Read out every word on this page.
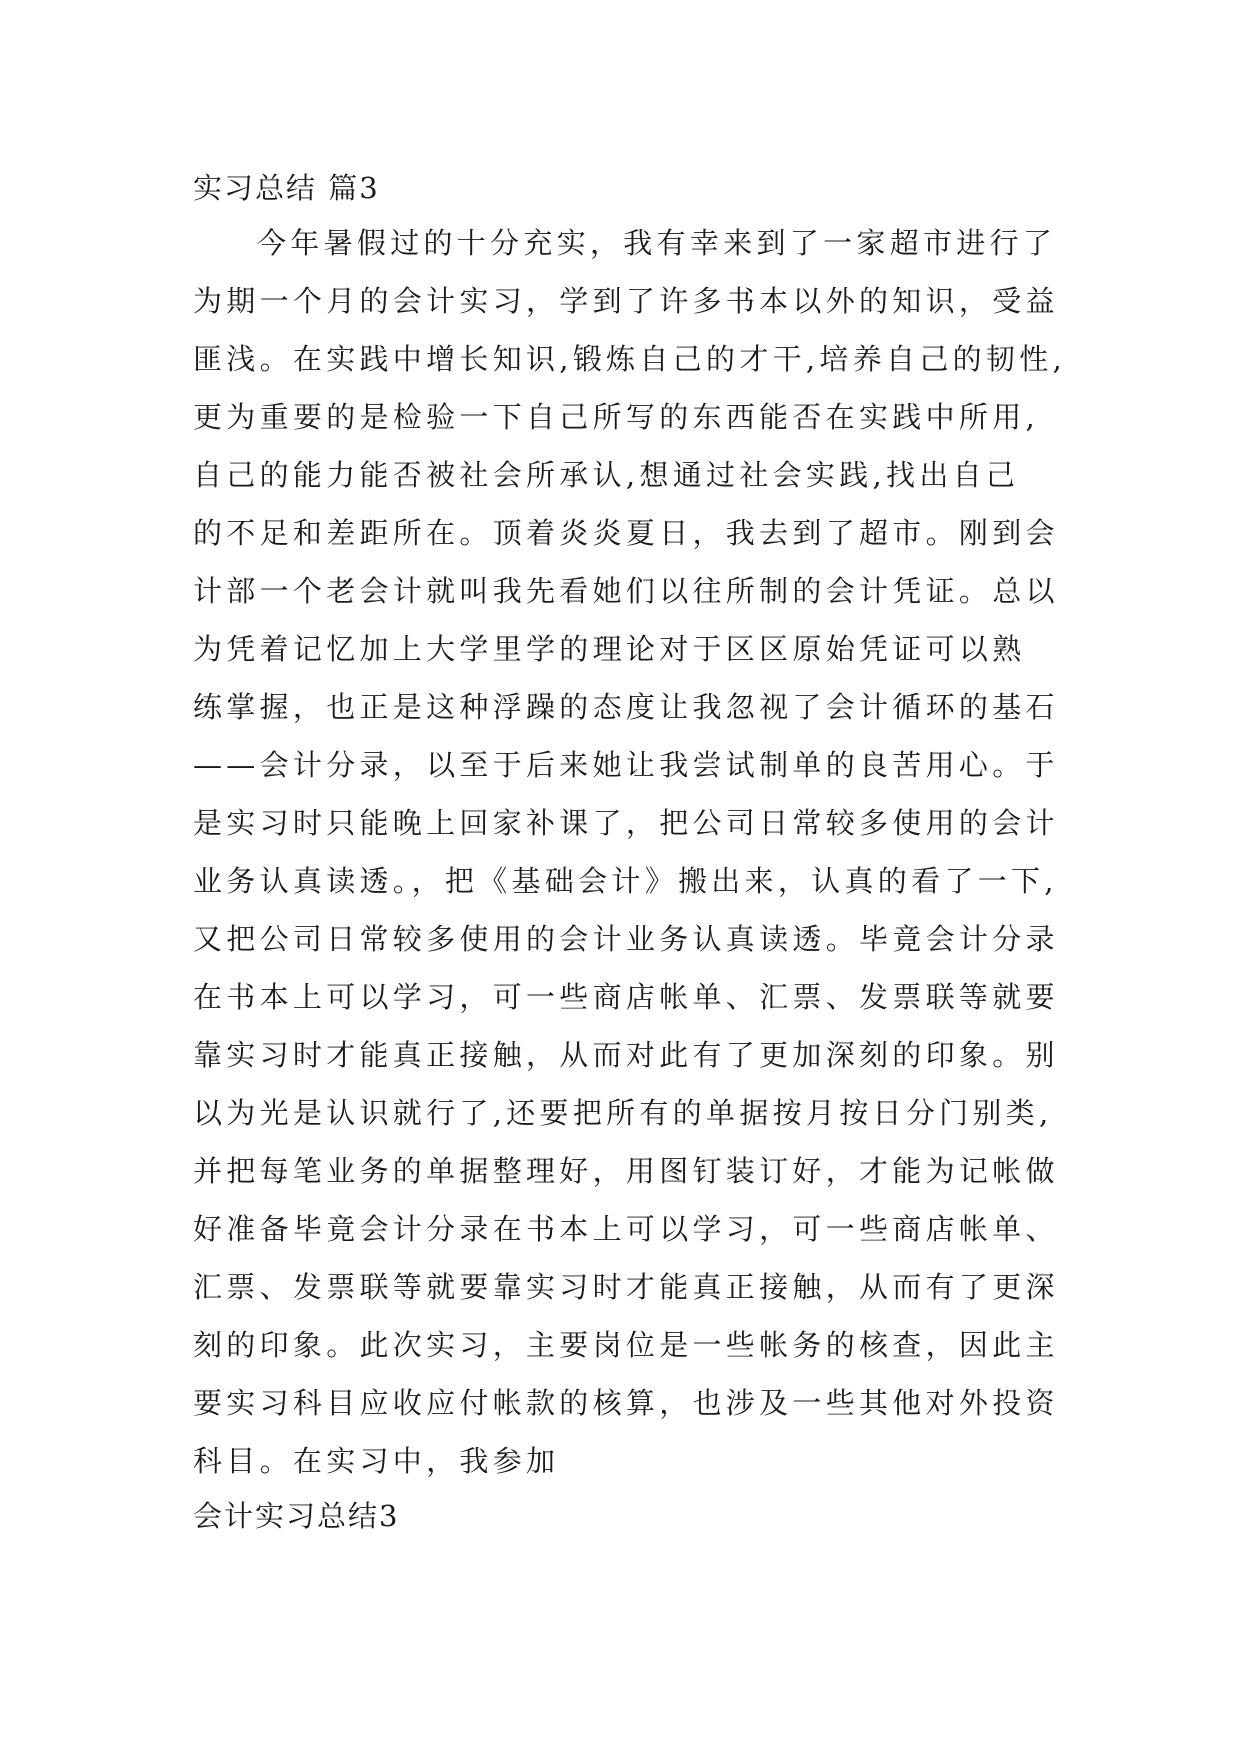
实习总结 篇3
今年暑假过的十分充实，我有幸来到了一家超市进行了
为期一个月的会计实习，学到了许多书本以外的知识，受益
匪浅。在实践中增长知识,锻炼自己的才干,培养自己的韧性,
更为重要的是检验一下自己所写的东西能否在实践中所用,
自己的能力能否被社会所承认,想通过社会实践,找出自己
的不足和差距所在。顶着炎炎夏日，我去到了超市。刚到会
计部一个老会计就叫我先看她们以往所制的会计凭证。总以
为凭着记忆加上大学里学的理论对于区区原始凭证可以熟
练掌握，也正是这种浮躁的态度让我忽视了会计循环的基石
——会计分录，以至于后来她让我尝试制单的良苦用心。于
是实习时只能晚上回家补课了，把公司日常较多使用的会计
业务认真读透。，把《基础会计》搬出来，认真的看了一下,
又把公司日常较多使用的会计业务认真读透。毕竟会计分录
在书本上可以学习，可一些商店帐单、汇票、发票联等就要
靠实习时才能真正接触，从而对此有了更加深刻的印象。别
以为光是认识就行了,还要把所有的单据按月按日分门别类,
并把每笔业务的单据整理好，用图钉装订好，才能为记帐做
好准备毕竟会计分录在书本上可以学习，可一些商店帐单、
汇票、发票联等就要靠实习时才能真正接触，从而有了更深
刻的印象。此次实习，主要岗位是一些帐务的核查，因此主
要实习科目应收应付帐款的核算，也涉及一些其他对外投资
科目。在实习中，我参加
会计实习总结3
